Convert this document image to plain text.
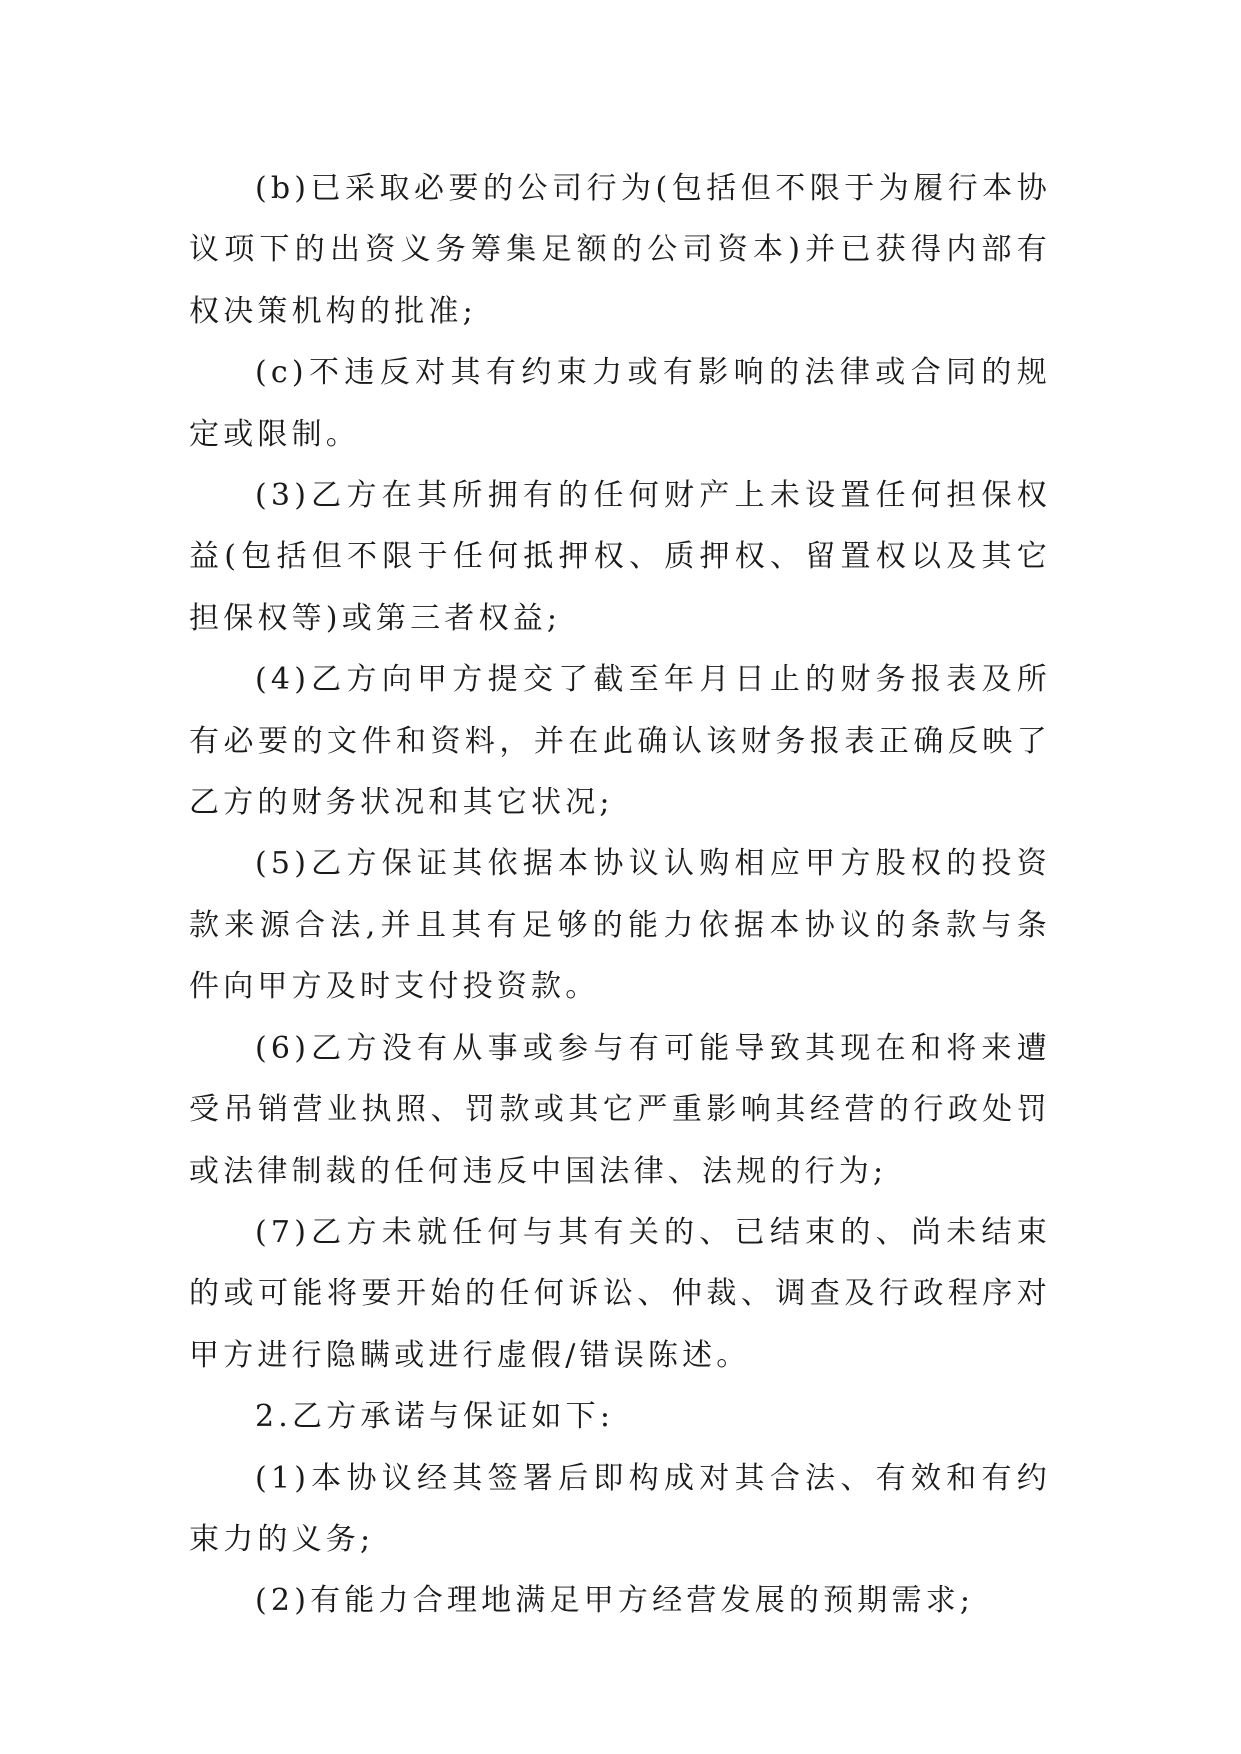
(b)已采取必要的公司行为(包括但不限于为履行本协议项下的出资义务筹集足额的公司资本)并已获得内部有权决策机构的批准;

(c)不违反对其有约束力或有影响的法律或合同的规定或限制。

(3)乙方在其所拥有的任何财产上未设置任何担保权益(包括但不限于任何抵押权、质押权、留置权以及其它担保权等)或第三者权益;

(4)乙方向甲方提交了截至年月日止的财务报表及所有必要的文件和资料，并在此确认该财务报表正确反映了乙方的财务状况和其它状况;

(5)乙方保证其依据本协议认购相应甲方股权的投资款来源合法,并且其有足够的能力依据本协议的条款与条件向甲方及时支付投资款。

(6)乙方没有从事或参与有可能导致其现在和将来遭受吊销营业执照、罚款或其它严重影响其经营的行政处罚或法律制裁的任何违反中国法律、法规的行为;

(7)乙方未就任何与其有关的、已结束的、尚未结束的或可能将要开始的任何诉讼、仲裁、调查及行政程序对甲方进行隐瞒或进行虚假/错误陈述。

2.乙方承诺与保证如下:

(1)本协议经其签署后即构成对其合法、有效和有约束力的义务;

(2)有能力合理地满足甲方经营发展的预期需求;
